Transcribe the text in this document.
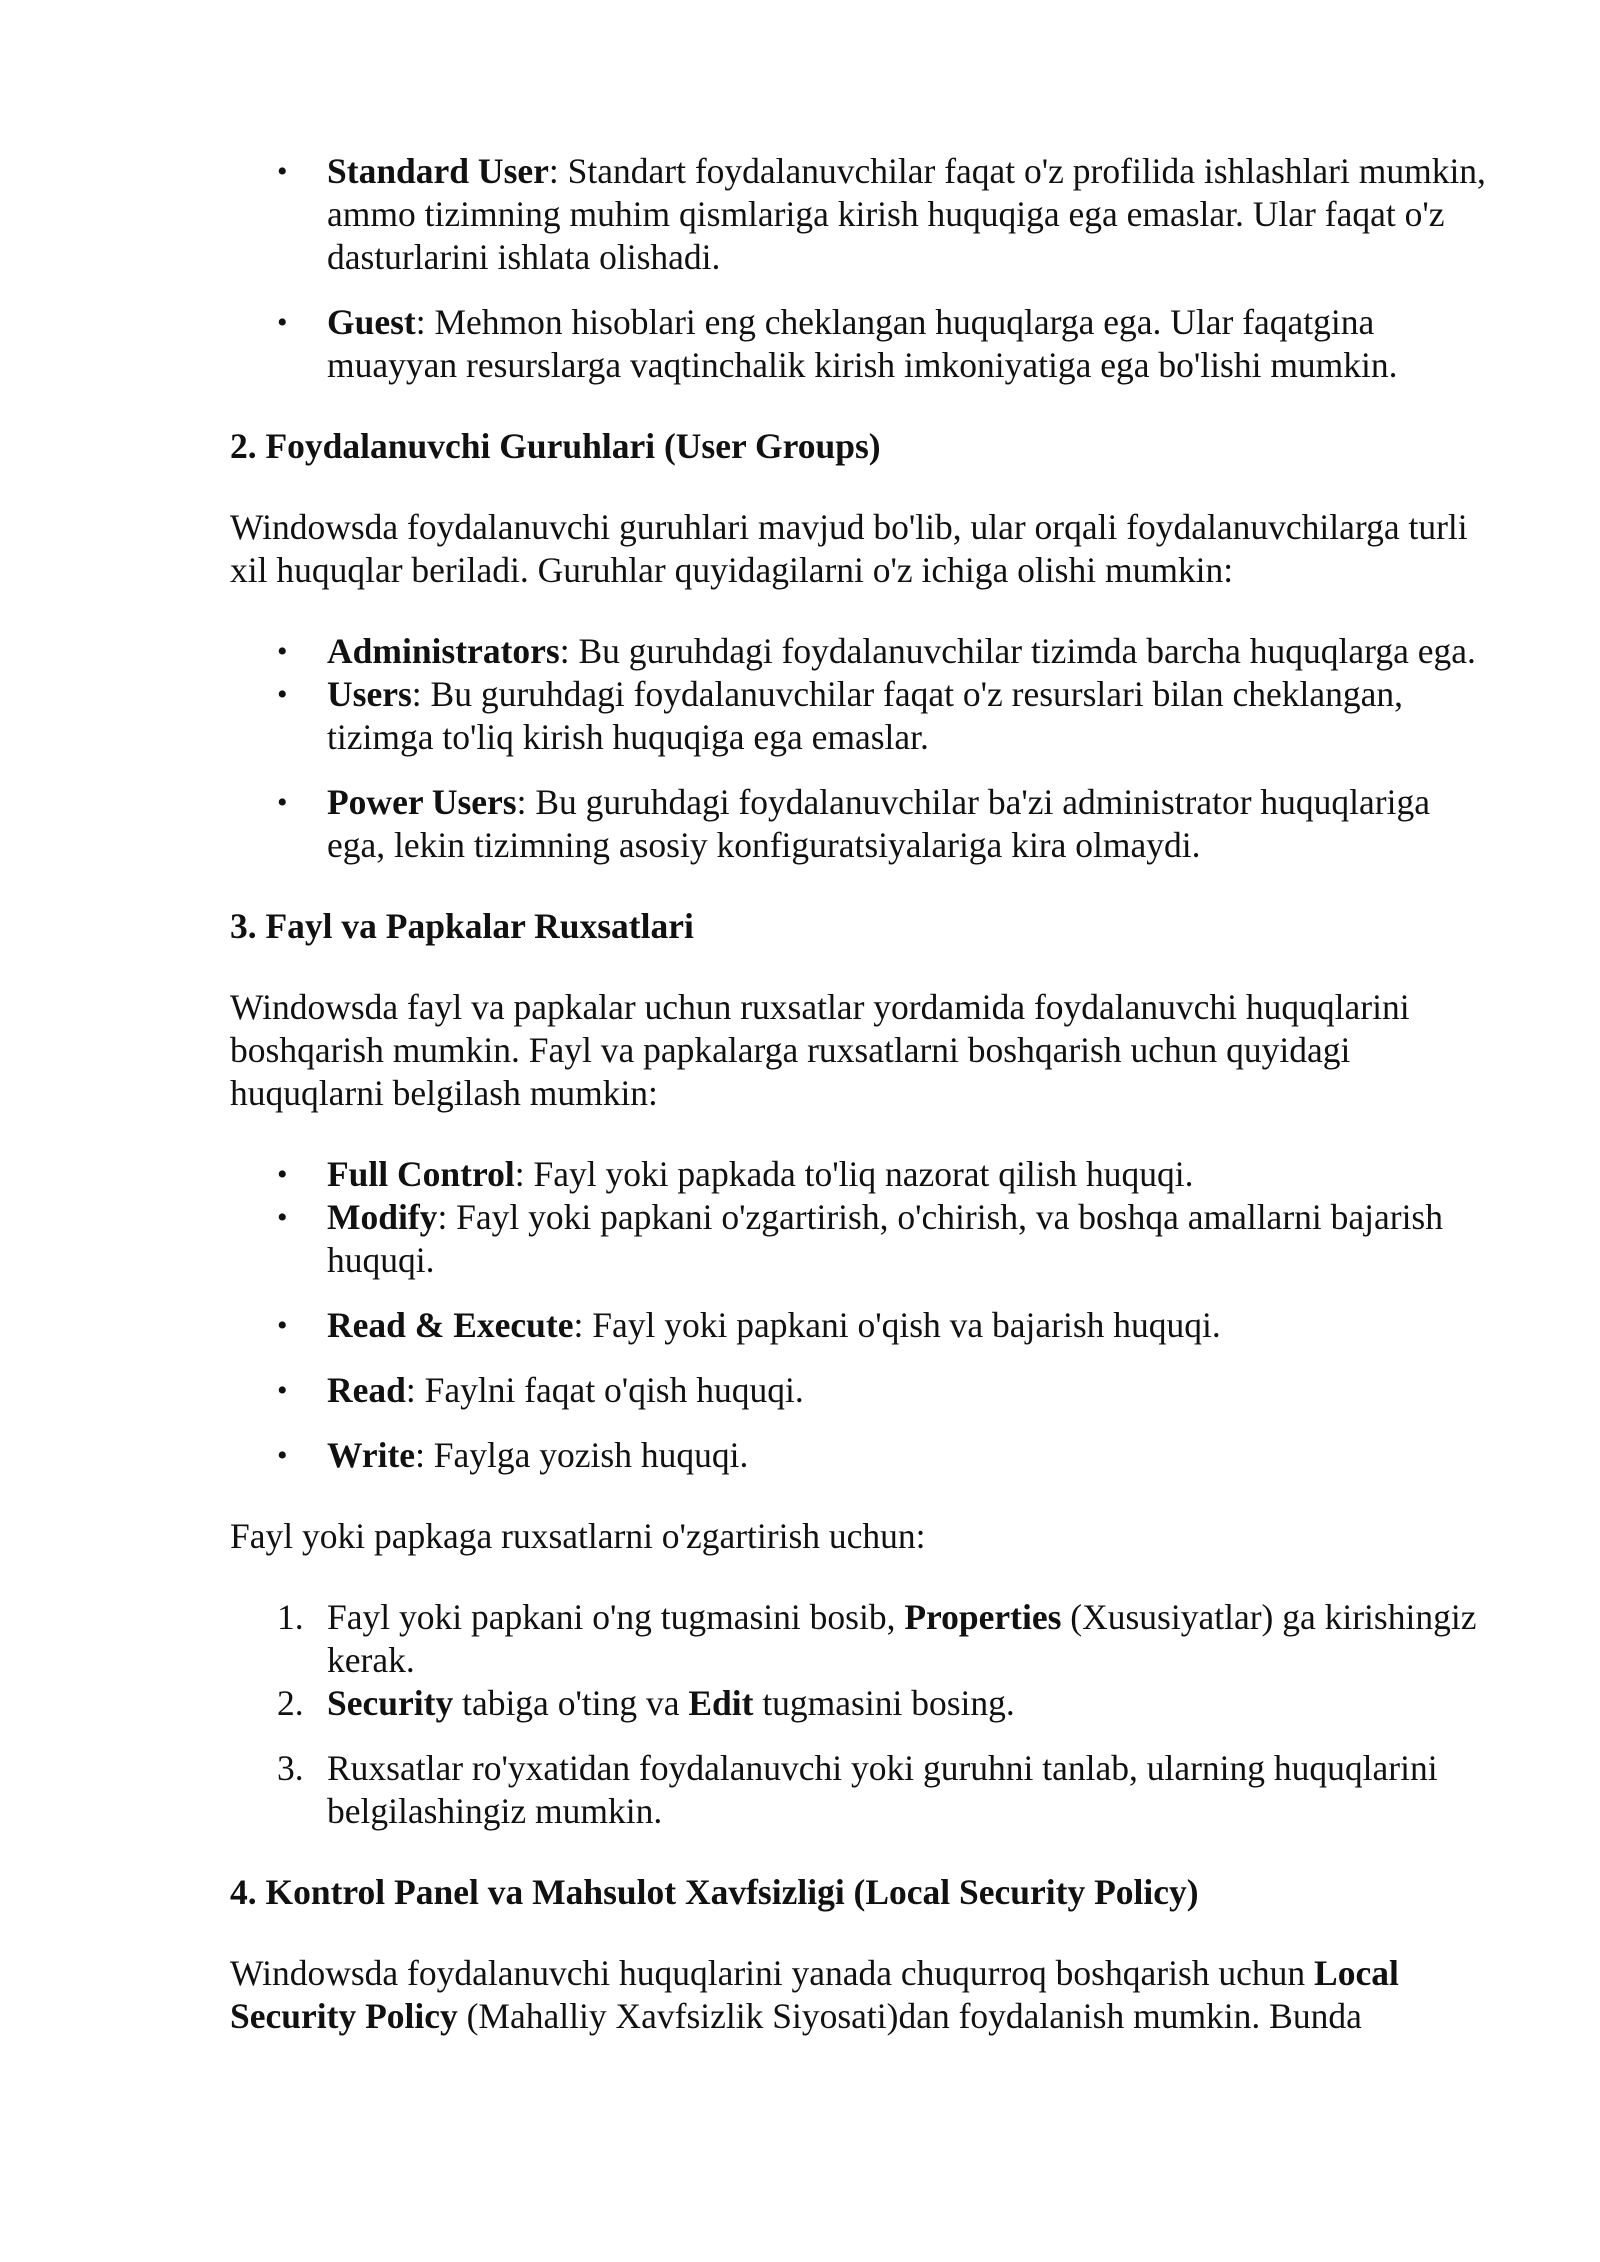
• Standard User: Standart foydalanuvchilar faqat o'z profilida ishlashlari mumkin, ammo tizimning muhim qismlariga kirish huquqiga ega emaslar. Ular faqat o'z dasturlarini ishlata olishadi.
• Guest: Mehmon hisoblari eng cheklangan huquqlarga ega. Ular faqatgina muayyan resurslarga vaqtinchalik kirish imkoniyatiga ega bo'lishi mumkin.
2. Foydalanuvchi Guruhlari (User Groups)

Windowsda foydalanuvchi guruhlari mavjud bo'lib, ular orqali foydalanuvchilarga turli xil huquqlar beriladi. Guruhlar quyidagilarni o'z ichiga olishi mumkin:

• Administrators: Bu guruhdagi foydalanuvchilar tizimda barcha huquqlarga ega.
• Users: Bu guruhdagi foydalanuvchilar faqat o'z resurslari bilan cheklangan, tizimga to'liq kirish huquqiga ega emaslar.
• Power Users: Bu guruhdagi foydalanuvchilar ba'zi administrator huquqlariga ega, lekin tizimning asosiy konfiguratsiyalariga kira olmaydi.
3. Fayl va Papkalar Ruxsatlari

Windowsda fayl va papkalar uchun ruxsatlar yordamida foydalanuvchi huquqlarini boshqarish mumkin. Fayl va papkalarga ruxsatlarni boshqarish uchun quyidagi huquqlarni belgilash mumkin:

• Full Control: Fayl yoki papkada to'liq nazorat qilish huquqi.
• Modify: Fayl yoki papkani o'zgartirish, o'chirish, va boshqa amallarni bajarish huquqi.
• Read & Execute: Fayl yoki papkani o'qish va bajarish huquqi.
• Read: Faylni faqat o'qish huquqi.
• Write: Faylga yozish huquqi.

Fayl yoki papkaga ruxsatlarni o'zgartirish uchun:

1. Fayl yoki papkani o'ng tugmasini bosib, Properties (Xususiyatlar) ga kirishingiz kerak.
2. Security tabiga o'ting va Edit tugmasini bosing.
3. Ruxsatlar ro'yxatidan foydalanuvchi yoki guruhni tanlab, ularning huquqlarini belgilashingiz mumkin.
4. Kontrol Panel va Mahsulot Xavfsizligi (Local Security Policy)

Windowsda foydalanuvchi huquqlarini yanada chuqurroq boshqarish uchun Local Security Policy (Mahalliy Xavfsizlik Siyosati)dan foydalanish mumkin. Bunda
